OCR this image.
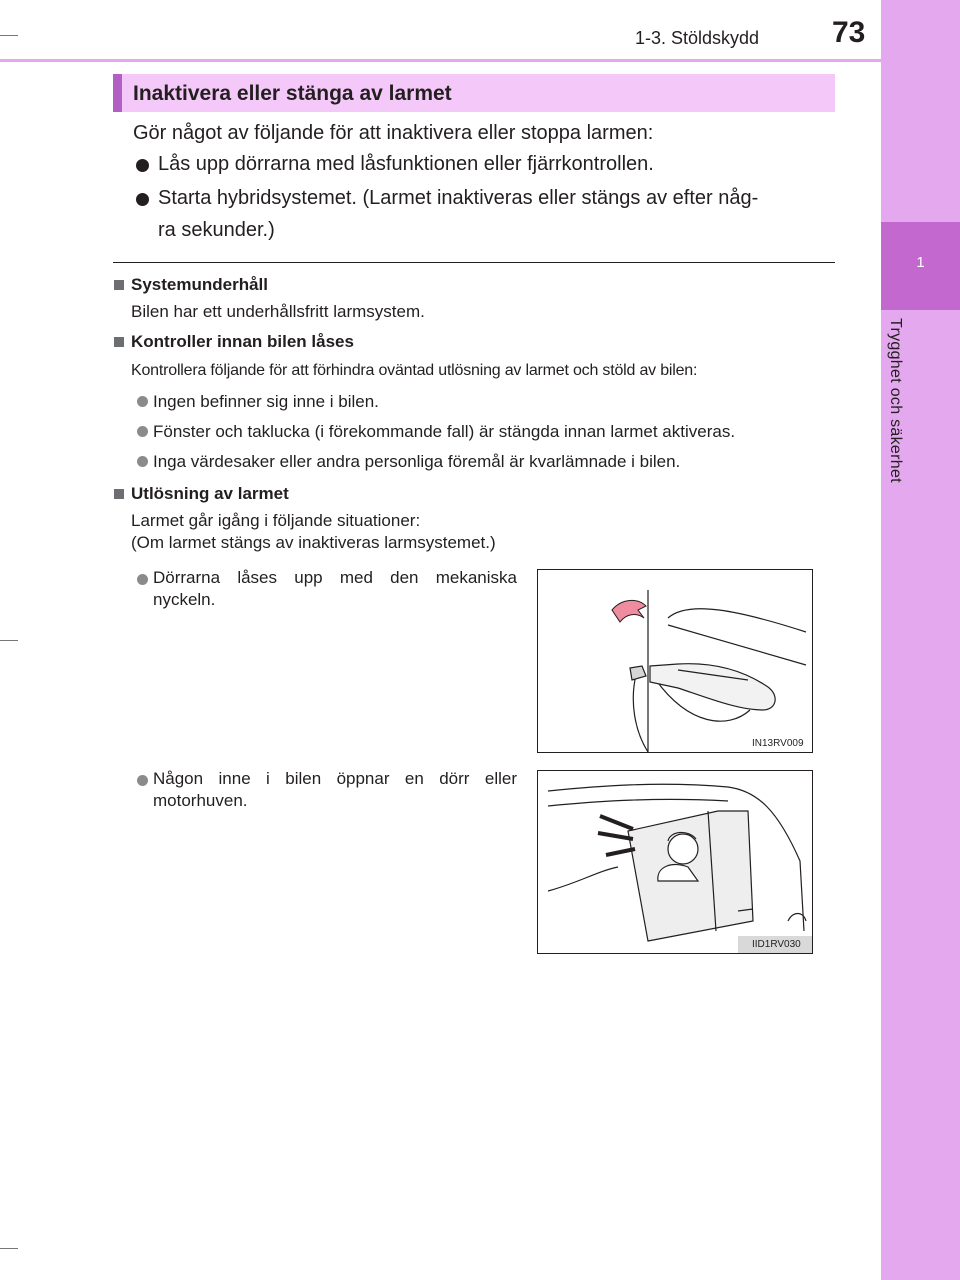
1-3. Stöldskydd 73
1
Trygghet och säkerhet
Inaktivera eller stänga av larmet
Gör något av följande för att inaktivera eller stoppa larmen:
Lås upp dörrarna med låsfunktionen eller fjärrkontrollen.
Starta hybridsystemet. (Larmet inaktiveras eller stängs av efter någ-
ra sekunder.)
Systemunderhåll
Bilen har ett underhållsfritt larmsystem.
Kontroller innan bilen låses
Kontrollera följande för att förhindra oväntad utlösning av larmet och stöld av bilen:
Ingen befinner sig inne i bilen.
Fönster och taklucka (i förekommande fall) är stängda innan larmet aktiveras.
Inga värdesaker eller andra personliga föremål är kvarlämnade i bilen.
Utlösning av larmet
Larmet går igång i följande situationer:
(Om larmet stängs av inaktiveras larmsystemet.)
Dörrarna låses upp med den mekaniska
nyckeln.
Någon inne i bilen öppnar en dörr eller
motorhuven.
IN13RV009
IID1RV030
